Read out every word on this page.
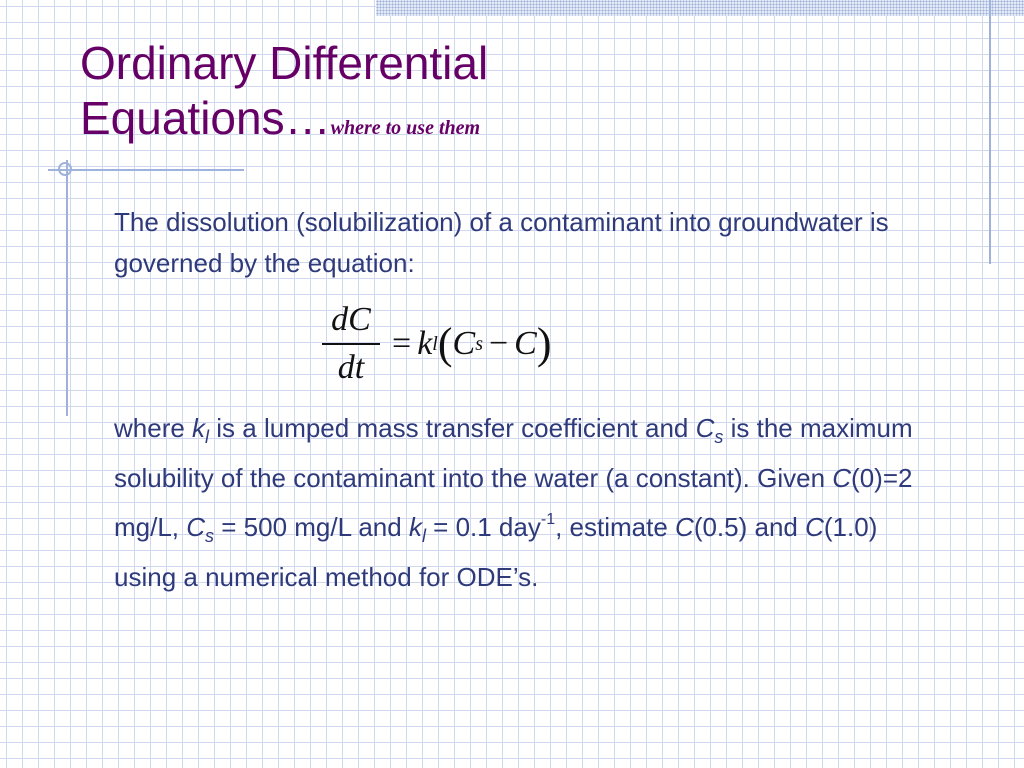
Ordinary Differential
Equations…where to use them

The dissolution (solubilization) of a contaminant into groundwater is governed by the equation:

$\frac{dC}{dt} = k$ l ( C s − C )

where $k_l$ is a lumped mass transfer coefficient and $C_s$ is the maximum solubility of the contaminant into the water (a constant). Given C(0)=2 mg/L, $C_s = 500$ mg/L and $k_l = 0.1$ day$^{-1}$, estimate C(0.5) and C(1.0) using a numerical method for ODE’s.
